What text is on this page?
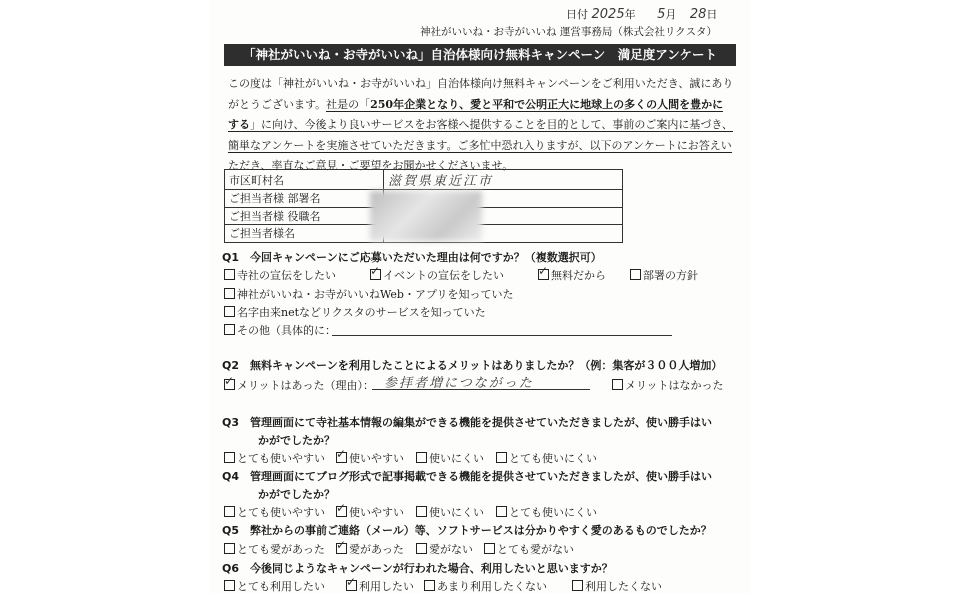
日付 2025年 5月 28日
神社がいいね・お寺がいいね 運営事務局（株式会社リクスタ）
「神社がいいね・お寺がいいね」自治体様向け無料キャンペーン　満足度アンケート
この度は「神社がいいね・お寺がいいね」自治体様向け無料キャンペーンをご利用いただき、誠にあり
がとうございます。社是の「250年企業となり、愛と平和で公明正大に地球上の多くの人間を豊かに
する」に向け、今後より良いサービスをお客様へ提供することを目的として、事前のご案内に基づき、
簡単なアンケートを実施させていただきます。ご多忙中恐れ入りますが、以下のアンケートにお答えい
ただき、率直なご意見・ご要望をお聞かせくださいませ。
市区町村名	滋賀県東近江市
ご担当者様 部署名	
ご担当者様 役職名	
ご担当者様名	
Q1　今回キャンペーンにご応募いただいた理由は何ですか？（複数選択可）
寺社の宣伝をしたい ✓	イベントの宣伝をしたい ✓	無料だから	部署の方針
神社がいいね・お寺がいいねWeb・アプリを知っていた
名字由来netなどリクスタのサービスを知っていた
その他（具体的に：
Q2　無料キャンペーンを利用したことによるメリットはありましたか？（例：集客が３００人増加）
✓メリットはあった（理由）： 参拝者増につながった	メリットはなかった
Q3　管理画面にて寺社基本情報の編集ができる機能を提供させていただきましたが、使い勝手はい
かがでしたか？
とても使いやすい ✓	使いやすい	使いにくい	とても使いにくい
Q4　管理画面にてブログ形式で記事掲載できる機能を提供させていただきましたが、使い勝手はい
かがでしたか？
とても使いやすい ✓	使いやすい	使いにくい	とても使いにくい
Q5　弊社からの事前ご連絡（メール）等、ソフトサービスは分かりやすく愛のあるものでしたか？
とても愛があった ✓	愛があった	愛がない	とても愛がない
Q6　今後同じようなキャンペーンが行われた場合、利用したいと思いますか？
とても利用したい ✓	利用したい	あまり利用したくない	利用したくない
